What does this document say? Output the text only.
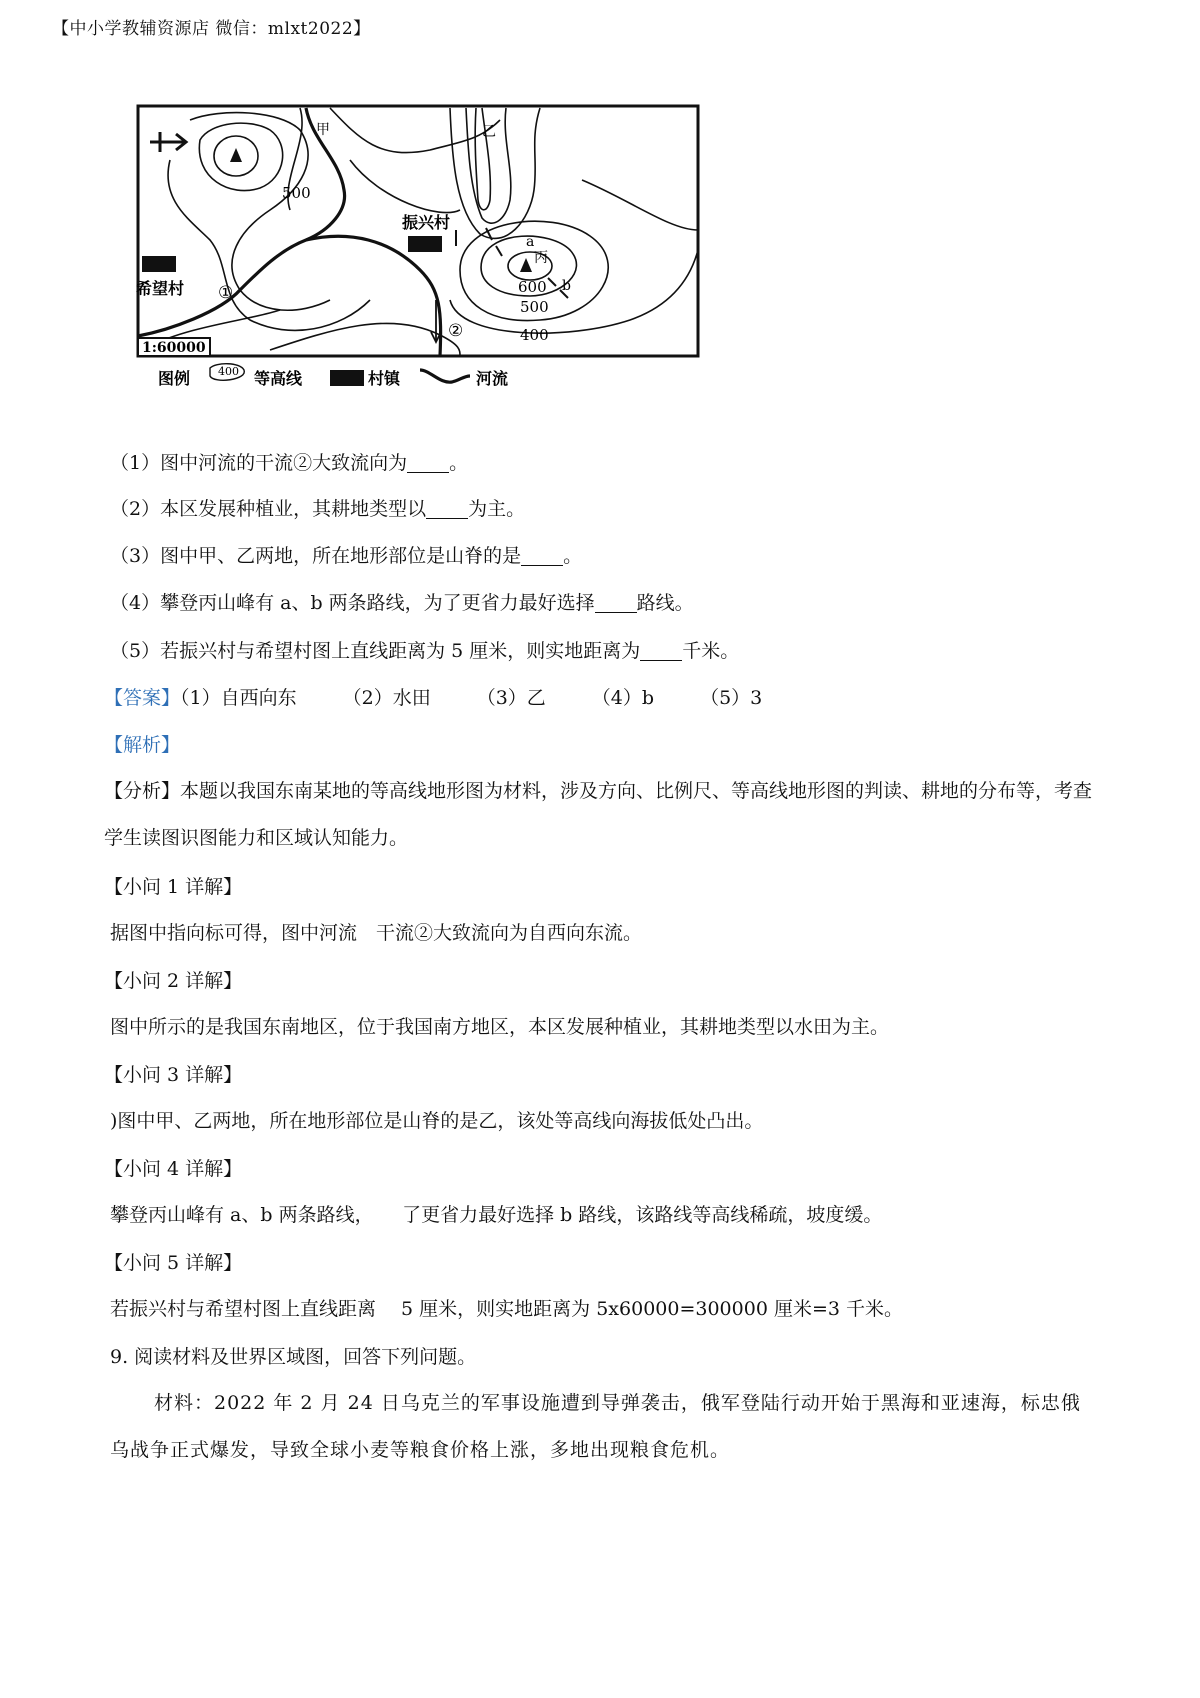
【中小学教辅资源店 微信：mlxt2022】
甲	乙
丙
a
b
500
600
500
400
振兴村
希望村 ①
②
1:60000
图例	400 等高线	村镇	河流
（1）图中河流的干流②大致流向为 。
（2）本区发展种植业，其耕地类型以 为主。
（3）图中甲、乙两地，所在地形部位是山脊的是 。
（4）攀登丙山峰有 a、b 两条路线，为了更省力最好选择 路线。
（5）若振兴村与希望村图上直线距离为 5 厘米，则实地距离为 千米。
【答案】（1）自西向东 （2）水田 （3）乙 （4）b （5）3
【解析】
【分析】本题以我国东南某地的等高线地形图为材料，涉及方向、比例尺、等高线地形图的判读、耕地的分布等，考查学生读图识图能力和区域认知能力。
【小问 1 详解】
据图中指向标可得，图中河流　干流②大致流向为自西向东流。
【小问 2 详解】
图中所示的是我国东南地区，位于我国南方地区，本区发展种植业，其耕地类型以水田为主。
【小问 3 详解】
)图中甲、乙两地，所在地形部位是山脊的是乙，该处等高线向海拔低处凸出。
【小问 4 详解】
攀登丙山峰有 a、b 两条路线，　　了更省力最好选择 b 路线，该路线等高线稀疏，坡度缓。
【小问 5 详解】
若振兴村与希望村图上直线距离　 5 厘米，则实地距离为 5x60000=300000 厘米=3 千米。
9. 阅读材料及世界区域图，回答下列问题。
材料：2022 年 2 月 24 日乌克兰的军事设施遭到导弹袭击，俄军登陆行动开始于黑海和亚速海，标忠俄乌战争正式爆发，导致全球小麦等粮食价格上涨，多地出现粮食危机。
